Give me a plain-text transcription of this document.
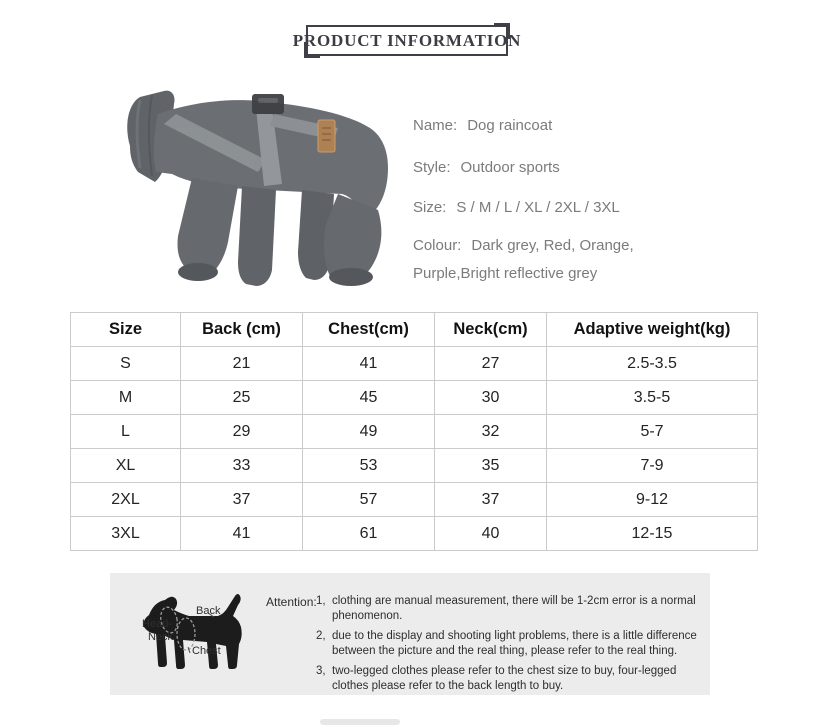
PRODUCT INFORMATION
Name: Dog raincoat
Style: Outdoor sports
Size: S / M / L / XL / 2XL / 3XL
Colour: Dark grey, Red, Orange,
Purple,Bright reflective grey
Size	Back (cm)	Chest(cm)	Neck(cm)	Adaptive weight(kg)
S	21	41	27	2.5-3.5
M	25	45	30	3.5-5
L	29	49	32	5-7
XL	33	53	35	7-9
2XL	37	57	37	9-12
3XL	41	61	40	12-15
Back
Head-
Neck
Chest
Attention: 1, clothing are manual measurement, there will be 1-2cm error is a normal phenomenon.
2, due to the display and shooting light problems, there is a little difference between the picture and the real thing, please refer to the real thing.
3, two-legged clothes please refer to the chest size to buy, four-legged clothes please refer to the back length to buy.
